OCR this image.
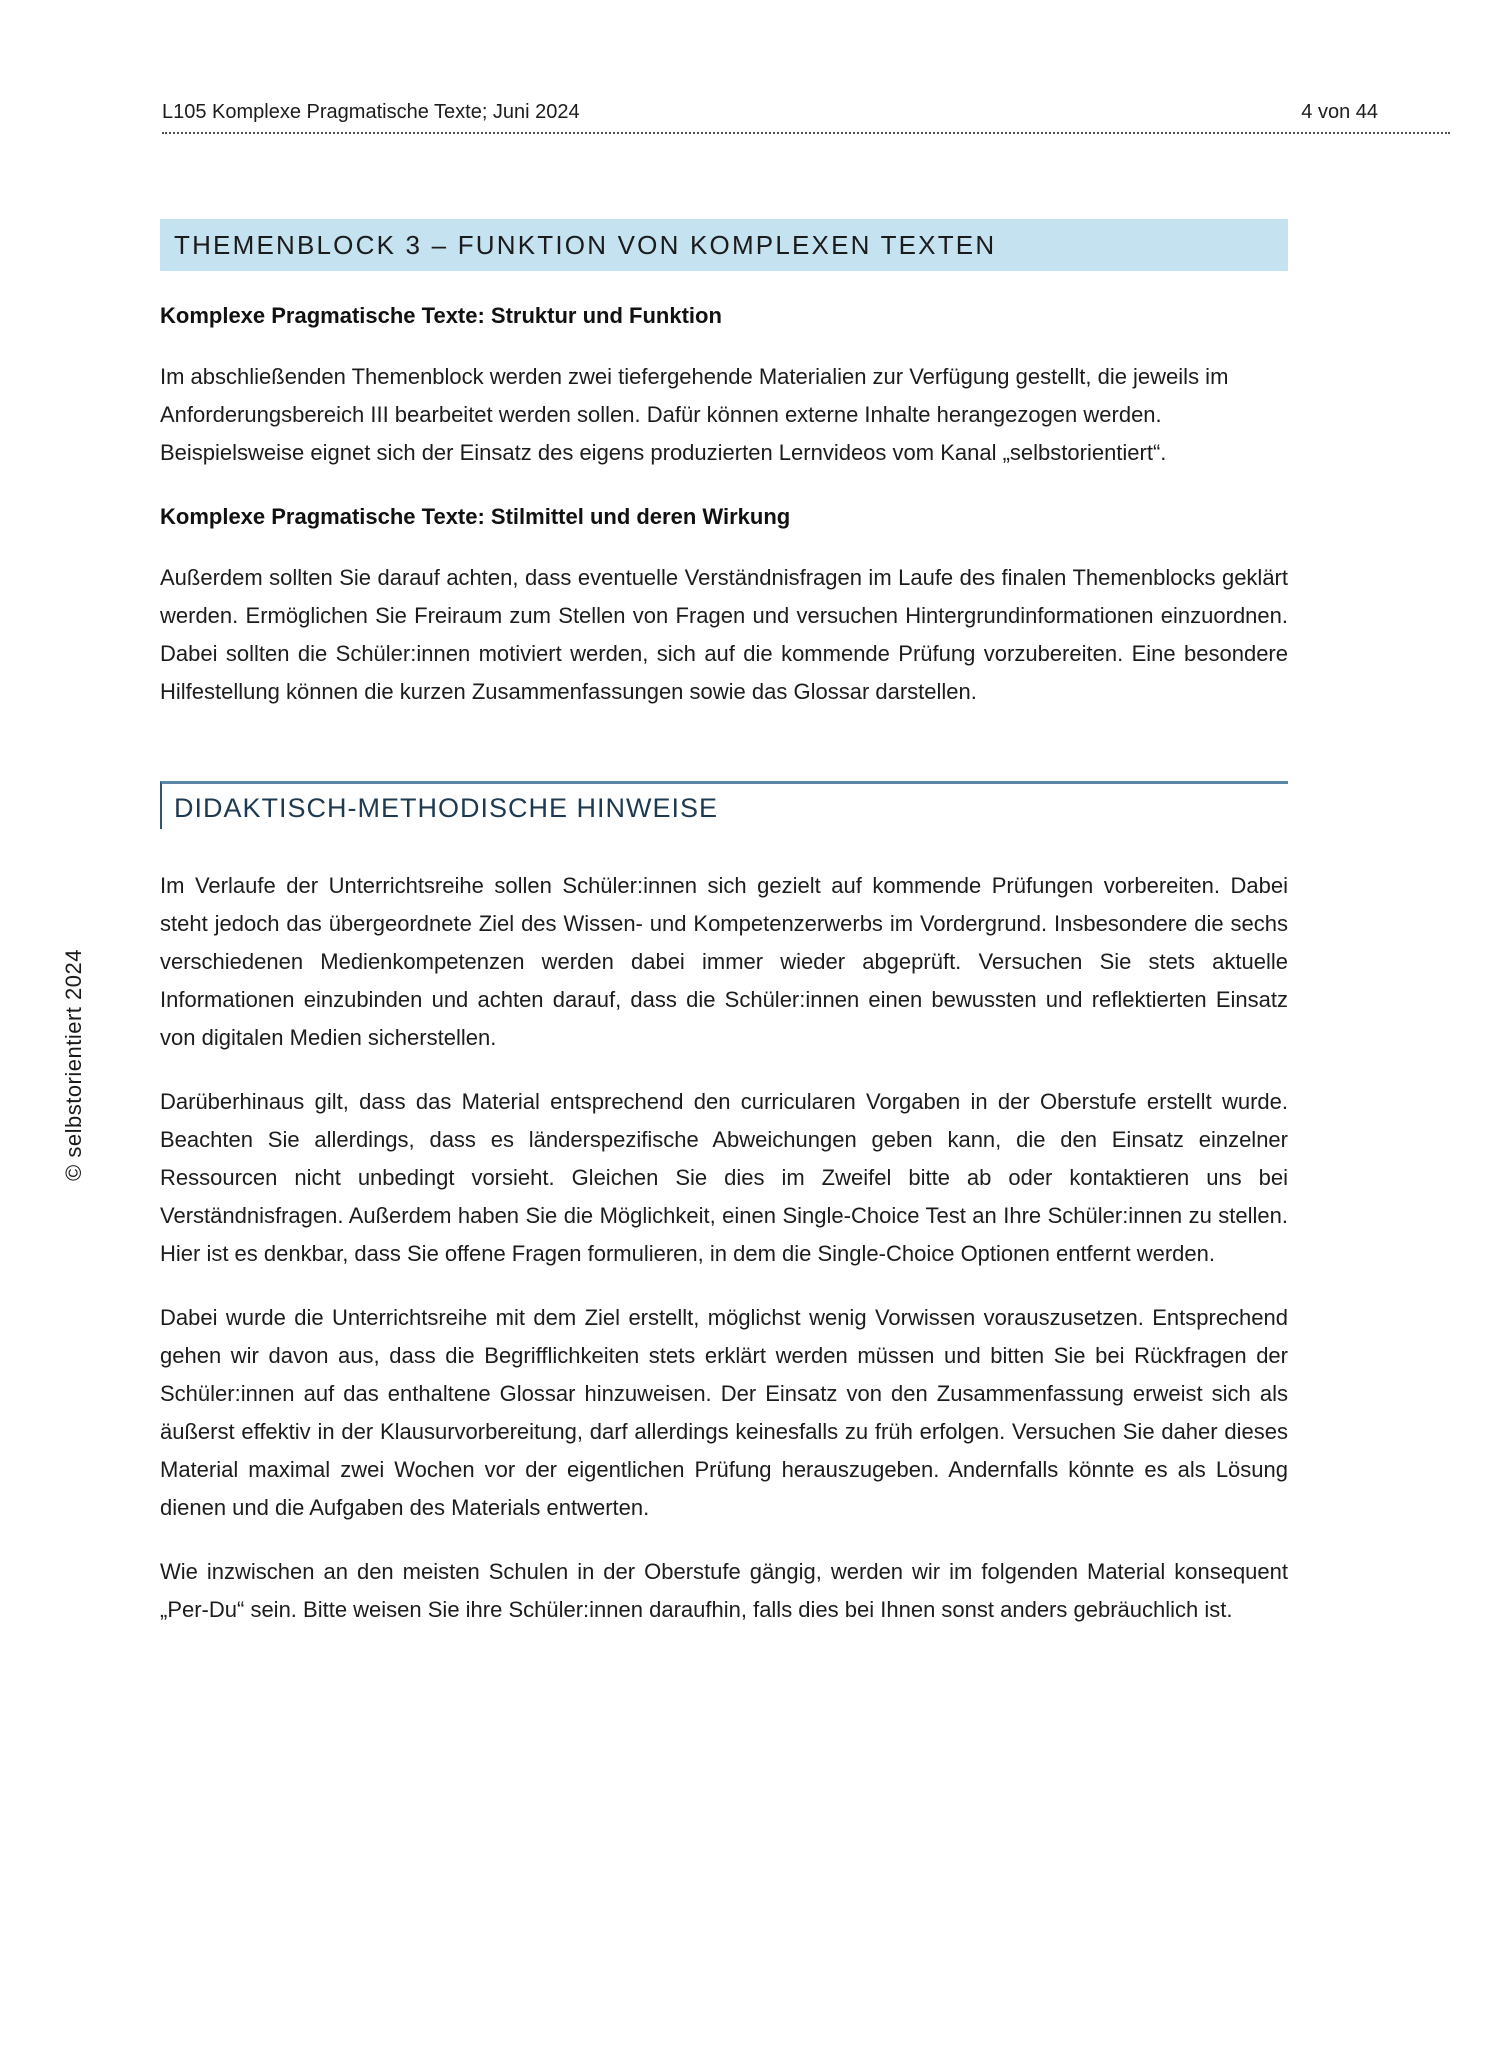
L105 Komplexe Pragmatische Texte; Juni 2024	4 von 44
© selbstorientiert 2024
THEMENBLOCK 3 – FUNKTION VON KOMPLEXEN TEXTEN
Komplexe Pragmatische Texte: Struktur und Funktion

Im abschließenden Themenblock werden zwei tiefergehende Materialien zur Verfügung gestellt, die jeweils im Anforderungsbereich III bearbeitet werden sollen. Dafür können externe Inhalte herangezogen werden. Beispielsweise eignet sich der Einsatz des eigens produzierten Lernvideos vom Kanal „selbstorientiert“.

Komplexe Pragmatische Texte: Stilmittel und deren Wirkung

Außerdem sollten Sie darauf achten, dass eventuelle Verständnisfragen im Laufe des finalen Themenblocks geklärt werden. Ermöglichen Sie Freiraum zum Stellen von Fragen und versuchen Hintergrundinformationen einzuordnen. Dabei sollten die Schüler:innen motiviert werden, sich auf die kommende Prüfung vorzubereiten. Eine besondere Hilfestellung können die kurzen Zusammenfassungen sowie das Glossar darstellen.

DIDAKTISCH-METHODISCHE HINWEISE

Im Verlaufe der Unterrichtsreihe sollen Schüler:innen sich gezielt auf kommende Prüfungen vorbereiten. Dabei steht jedoch das übergeordnete Ziel des Wissen- und Kompetenzerwerbs im Vordergrund. Insbesondere die sechs verschiedenen Medienkompetenzen werden dabei immer wieder abgeprüft. Versuchen Sie stets aktuelle Informationen einzubinden und achten darauf, dass die Schüler:innen einen bewussten und reflektierten Einsatz von digitalen Medien sicherstellen.

Darüberhinaus gilt, dass das Material entsprechend den curricularen Vorgaben in der Oberstufe erstellt wurde. Beachten Sie allerdings, dass es länderspezifische Abweichungen geben kann, die den Einsatz einzelner Ressourcen nicht unbedingt vorsieht. Gleichen Sie dies im Zweifel bitte ab oder kontaktieren uns bei Verständnisfragen. Außerdem haben Sie die Möglichkeit, einen Single-Choice Test an Ihre Schüler:innen zu stellen. Hier ist es denkbar, dass Sie offene Fragen formulieren, in dem die Single-Choice Optionen entfernt werden.

Dabei wurde die Unterrichtsreihe mit dem Ziel erstellt, möglichst wenig Vorwissen vorauszusetzen. Entsprechend gehen wir davon aus, dass die Begrifflichkeiten stets erklärt werden müssen und bitten Sie bei Rückfragen der Schüler:innen auf das enthaltene Glossar hinzuweisen. Der Einsatz von den Zusammenfassung erweist sich als äußerst effektiv in der Klausurvorbereitung, darf allerdings keinesfalls zu früh erfolgen. Versuchen Sie daher dieses Material maximal zwei Wochen vor der eigentlichen Prüfung herauszugeben. Andernfalls könnte es als Lösung dienen und die Aufgaben des Materials entwerten.

Wie inzwischen an den meisten Schulen in der Oberstufe gängig, werden wir im folgenden Material konsequent „Per-Du“ sein. Bitte weisen Sie ihre Schüler:innen daraufhin, falls dies bei Ihnen sonst anders gebräuchlich ist.
